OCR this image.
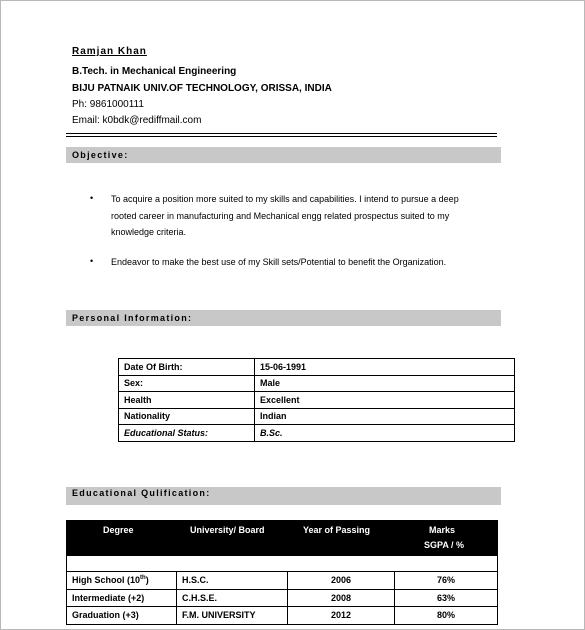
Ramjan Khan
B.Tech. in Mechanical Engineering
BIJU PATNAIK UNIV.OF TECHNOLOGY, ORISSA, INDIA
Ph: 9861000111
Email: k0bdk@rediffmail.com
Objective:
• To acquire a position more suited to my skills and capabilities. I intend to pursue a deep
rooted career in manufacturing and Mechanical engg related prospectus suited to my
knowledge criteria.
• Endeavor to make the best use of my Skill sets/Potential to benefit the Organization.
Personal Information:
Date Of Birth:	15-06-1991
Sex:	Male
Health	Excellent
Nationality	Indian
Educational Status:	B.Sc.
Educational Qulification:
Degree	University/ Board	Year of Passing	Marks
SGPA / %
High School (10th)	H.S.C.	2006	76%
Intermediate (+2)	C.H.S.E.	2008	63%
Graduation (+3)	F.M. UNIVERSITY	2012	80%
